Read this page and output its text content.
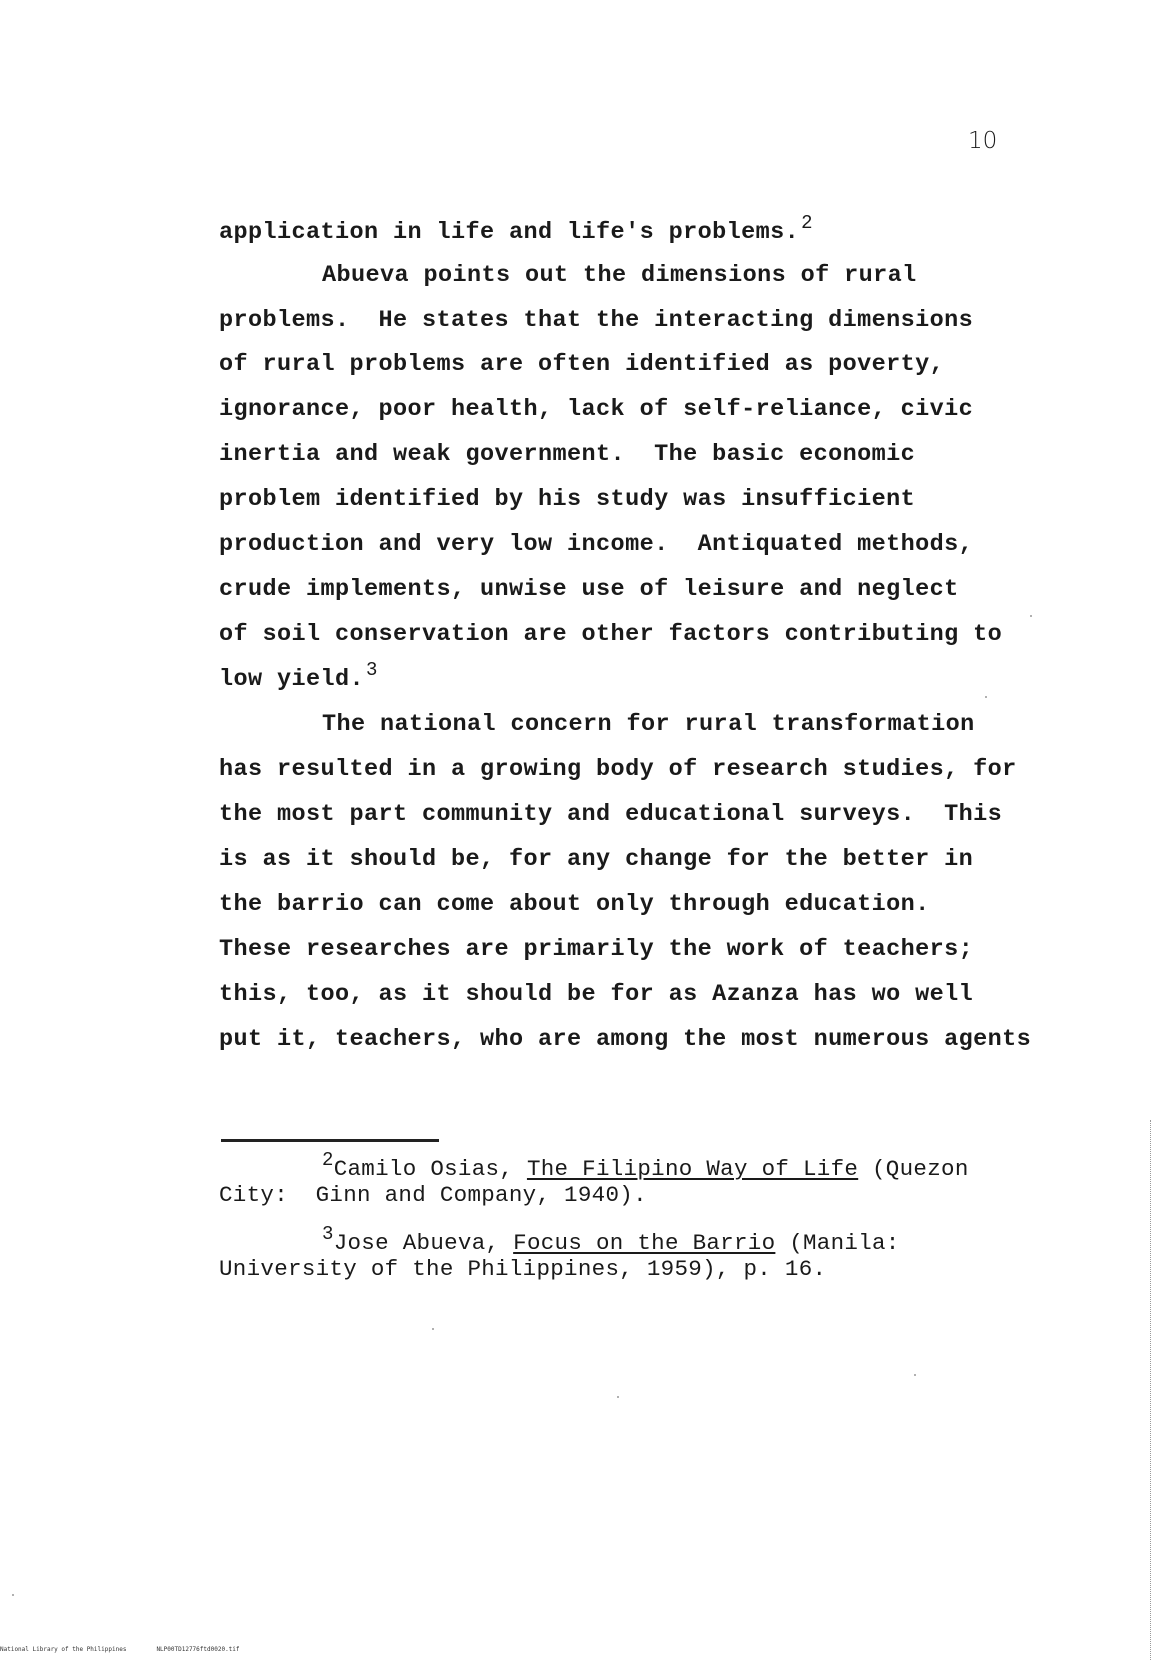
10
application in life and life's problems. $^2$
Abueva points out the dimensions of rural
problems.  He states that the interacting dimensions
of rural problems are often identified as poverty,
ignorance, poor health, lack of self-reliance, civic
inertia and weak government.  The basic economic
problem identified by his study was insufficient
production and very low income.  Antiquated methods,
crude implements, unwise use of leisure and neglect
of soil conservation are other factors contributing to
low yield. $^3$
The national concern for rural transformation
has resulted in a growing body of research studies, for
the most part community and educational surveys.  This
is as it should be, for any change for the better in
the barrio can come about only through education.
These researches are primarily the work of teachers;
this, too, as it should be for as Azanza has wo well
put it, teachers, who are among the most numerous agents
$^2$Camilo Osias, The Filipino Way of Life (Quezon
City:  Ginn and Company, 1940).
$^3$Jose Abueva, Focus on the Barrio (Manila:
University of the Philippines, 1959), p. 16.
National Library of the Philippines	NLP00TD12776ftd0020.tif
